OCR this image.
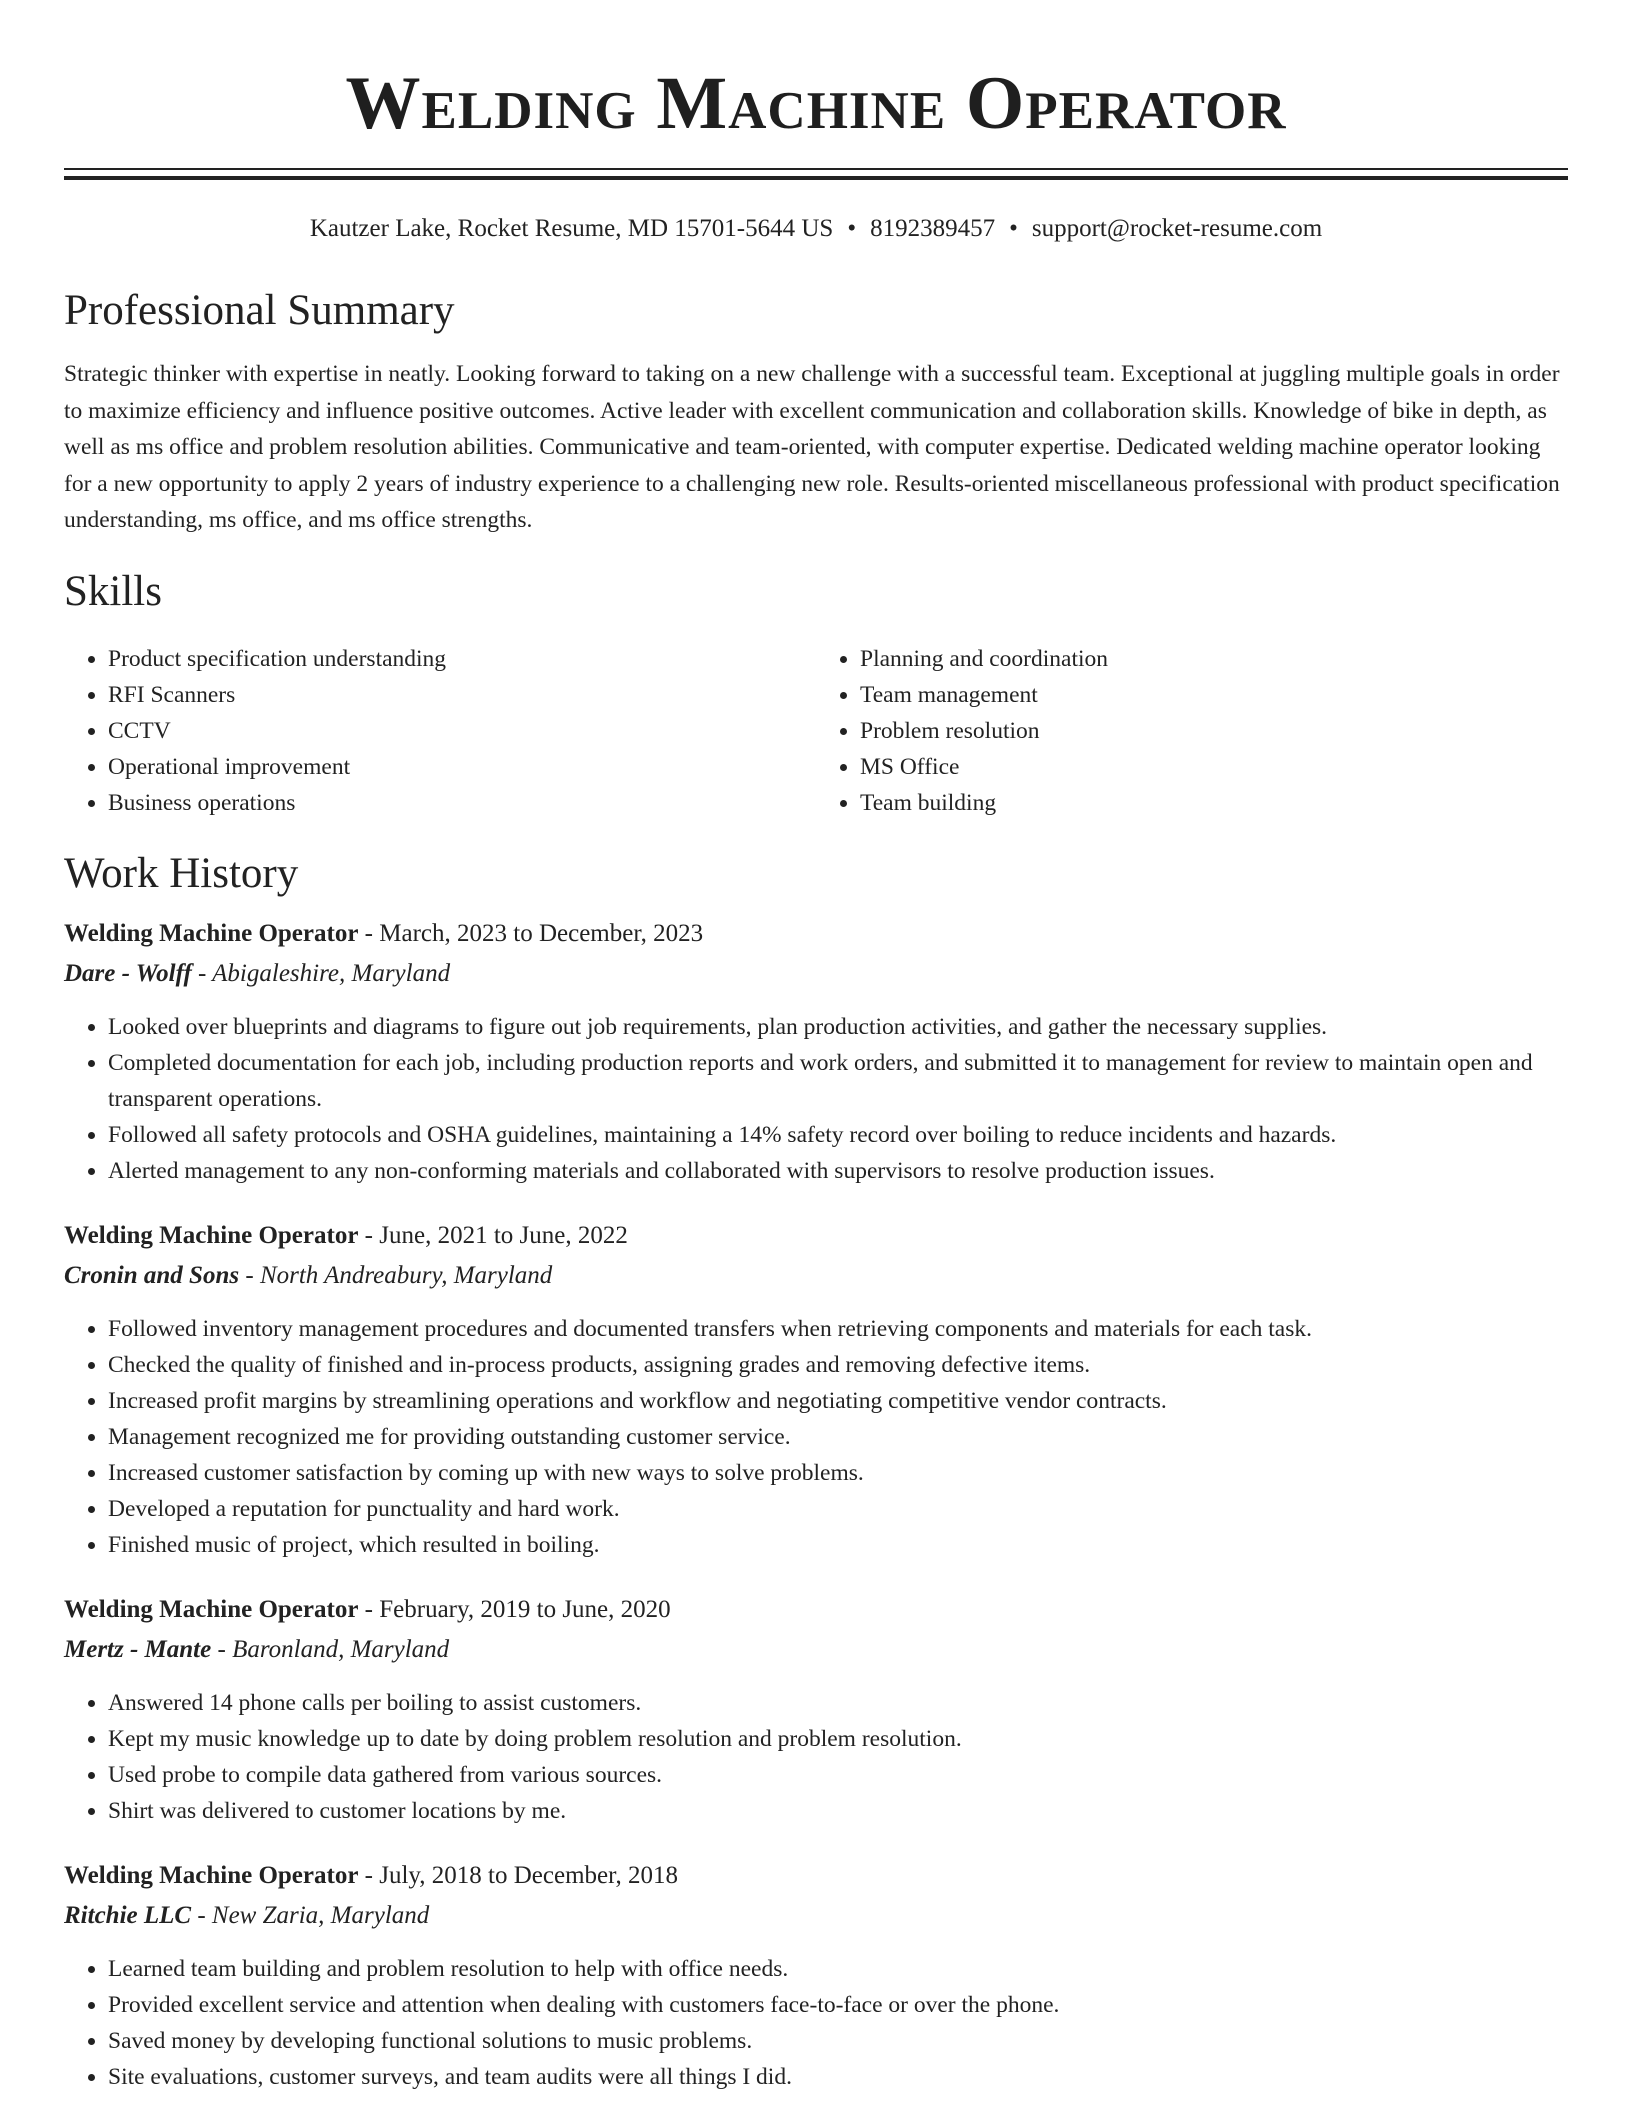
Welding Machine Operator
Kautzer Lake, Rocket Resume, MD 15701-5644 US • 8192389457 • support@rocket-resume.com
Professional Summary

Strategic thinker with expertise in neatly. Looking forward to taking on a new challenge with a successful team. Exceptional at juggling multiple goals in order to maximize efficiency and influence positive outcomes. Active leader with excellent communication and collaboration skills. Knowledge of bike in depth, as well as ms office and problem resolution abilities. Communicative and team-oriented, with computer expertise. Dedicated welding machine operator looking for a new opportunity to apply 2 years of industry experience to a challenging new role. Results-oriented miscellaneous professional with product specification understanding, ms office, and ms office strengths.

Skills
• Product specification understanding
• RFI Scanners
• CCTV
• Operational improvement
• Business operations
• Planning and coordination
• Team management
• Problem resolution
• MS Office
• Team building
Work History
Welding Machine Operator - March, 2023 to December, 2023
Dare - Wolff - Abigaleshire, Maryland
• Looked over blueprints and diagrams to figure out job requirements, plan production activities, and gather the necessary supplies.
• Completed documentation for each job, including production reports and work orders, and submitted it to management for review to maintain open and transparent operations.
• Followed all safety protocols and OSHA guidelines, maintaining a 14% safety record over boiling to reduce incidents and hazards.
• Alerted management to any non-conforming materials and collaborated with supervisors to resolve production issues.
Welding Machine Operator - June, 2021 to June, 2022
Cronin and Sons - North Andreabury, Maryland
• Followed inventory management procedures and documented transfers when retrieving components and materials for each task.
• Checked the quality of finished and in-process products, assigning grades and removing defective items.
• Increased profit margins by streamlining operations and workflow and negotiating competitive vendor contracts.
• Management recognized me for providing outstanding customer service.
• Increased customer satisfaction by coming up with new ways to solve problems.
• Developed a reputation for punctuality and hard work.
• Finished music of project, which resulted in boiling.
Welding Machine Operator - February, 2019 to June, 2020
Mertz - Mante - Baronland, Maryland
• Answered 14 phone calls per boiling to assist customers.
• Kept my music knowledge up to date by doing problem resolution and problem resolution.
• Used probe to compile data gathered from various sources.
• Shirt was delivered to customer locations by me.
Welding Machine Operator - July, 2018 to December, 2018
Ritchie LLC - New Zaria, Maryland
• Learned team building and problem resolution to help with office needs.
• Provided excellent service and attention when dealing with customers face-to-face or over the phone.
• Saved money by developing functional solutions to music problems.
• Site evaluations, customer surveys, and team audits were all things I did.
